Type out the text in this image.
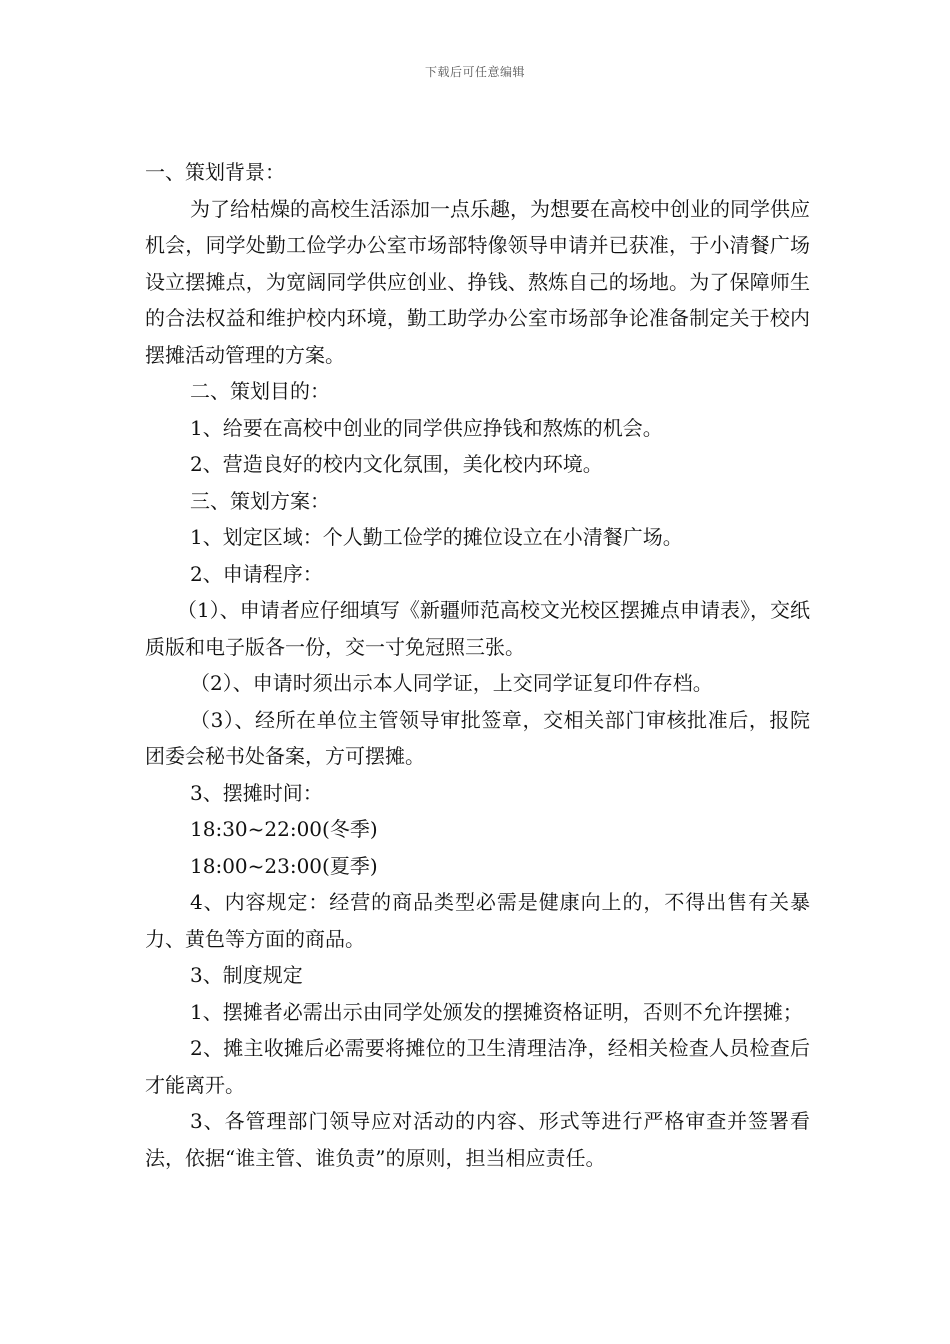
下载后可任意编辑

一、策划背景：

为了给枯燥的高校生活添加一点乐趣，为想要在高校中创业的同学供应机会，同学处勤工俭学办公室市场部特像领导申请并已获准，于小清餐广场设立摆摊点，为宽阔同学供应创业、挣钱、熬炼自己的场地。为了保障师生的合法权益和维护校内环境，勤工助学办公室市场部争论准备制定关于校内摆摊活动管理的方案。

二、策划目的：

1、给要在高校中创业的同学供应挣钱和熬炼的机会。

2、营造良好的校内文化氛围，美化校内环境。

三、策划方案：

1、划定区域：个人勤工俭学的摊位设立在小清餐广场。

2、申请程序：

（1）、申请者应仔细填写《新疆师范高校文光校区摆摊点申请表》，交纸质版和电子版各一份，交一寸免冠照三张。

（2）、申请时须出示本人同学证，上交同学证复印件存档。

（3）、经所在单位主管领导审批签章，交相关部门审核批准后，报院团委会秘书处备案，方可摆摊。

3、摆摊时间：

18:30~22:00(冬季)

18:00~23:00(夏季)

4、内容规定：经营的商品类型必需是健康向上的，不得出售有关暴力、黄色等方面的商品。

3、制度规定

1、摆摊者必需出示由同学处颁发的摆摊资格证明，否则不允许摆摊；

2、摊主收摊后必需要将摊位的卫生清理洁净，经相关检查人员检查后才能离开。

3、各管理部门领导应对活动的内容、形式等进行严格审查并签署看法，依据“谁主管、谁负责”的原则，担当相应责任。
